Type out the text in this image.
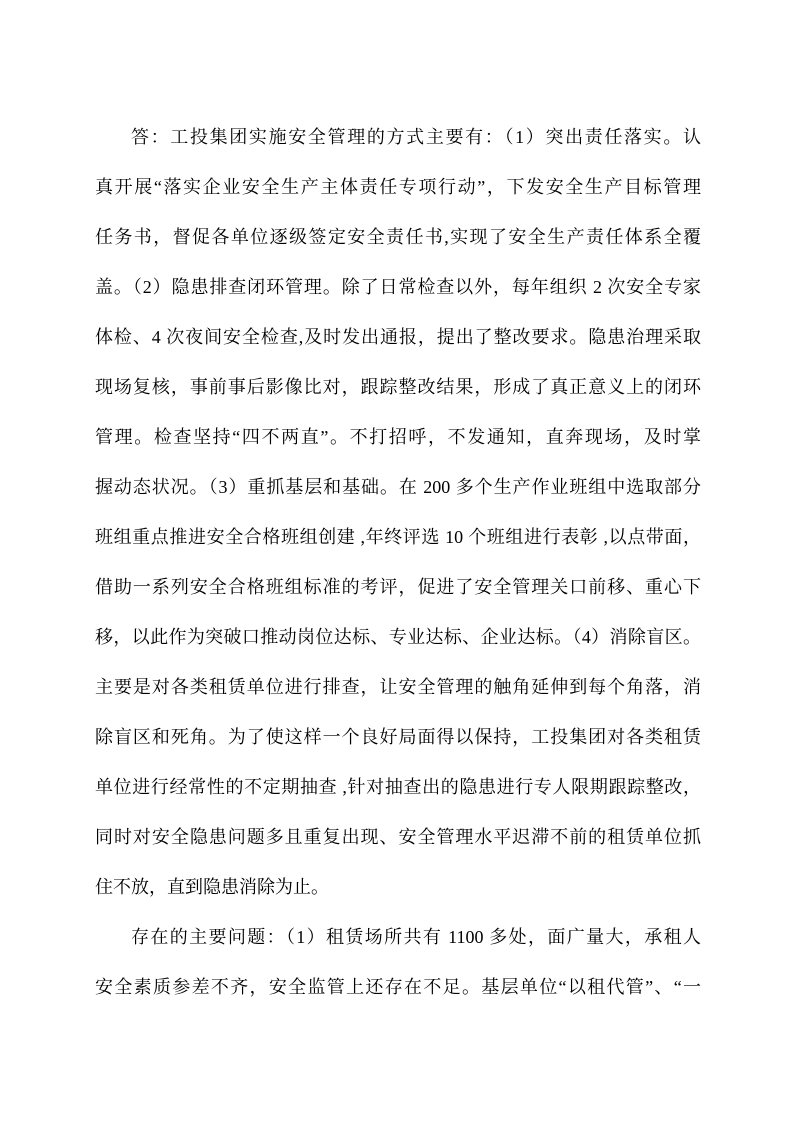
答：工投集团实施安全管理的方式主要有：（1）突出责任落实。认
真开展“落实企业安全生产主体责任专项行动”，下发安全生产目标管理
任务书，督促各单位逐级签定安全责任书,实现了安全生产责任体系全覆
盖。（2）隐患排查闭环管理。除了日常检查以外，每年组织 2 次安全专家
体检、4 次夜间安全检查,及时发出通报，提出了整改要求。隐患治理采取
现场复核，事前事后影像比对，跟踪整改结果，形成了真正意义上的闭环
管理。检查坚持“四不两直”。不打招呼，不发通知，直奔现场，及时掌
握动态状况。（3）重抓基层和基础。在 200 多个生产作业班组中选取部分
班组重点推进安全合格班组创建 ,年终评选 10 个班组进行表彰 ,以点带面，
借助一系列安全合格班组标准的考评，促进了安全管理关口前移、重心下
移，以此作为突破口推动岗位达标、专业达标、企业达标。（4）消除盲区。
主要是对各类租赁单位进行排查，让安全管理的触角延伸到每个角落，消
除盲区和死角。为了使这样一个良好局面得以保持，工投集团对各类租赁
单位进行经常性的不定期抽查 ,针对抽查出的隐患进行专人限期跟踪整改，
同时对安全隐患问题多且重复出现、安全管理水平迟滞不前的租赁单位抓
住不放，直到隐患消除为止。
存在的主要问题：（1）租赁场所共有 1100 多处，面广量大，承租人
安全素质参差不齐，安全监管上还存在不足。基层单位“以租代管”、“一
